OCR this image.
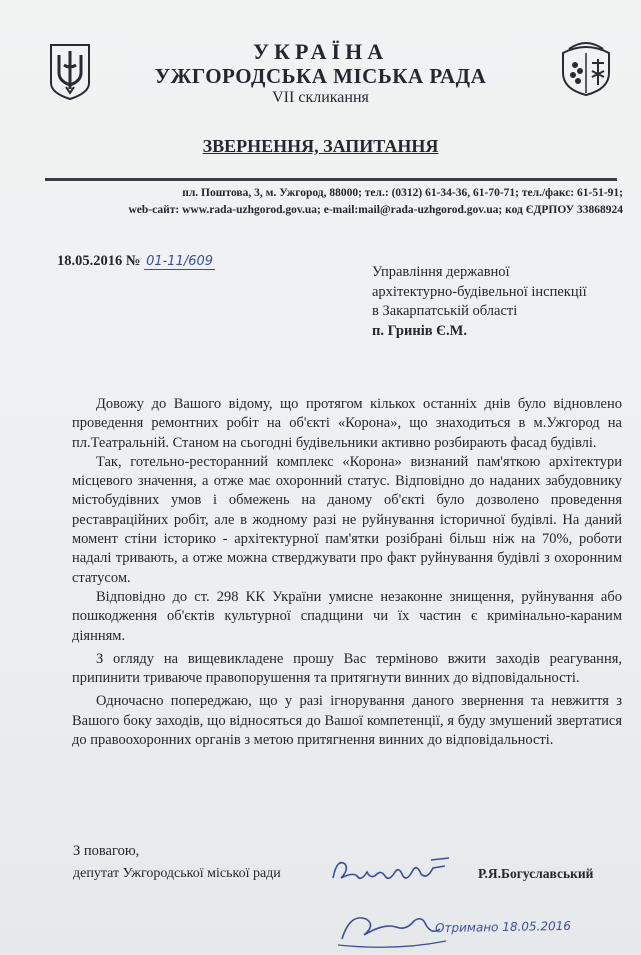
УКРАЇНА
УЖГОРОДСЬКА МІСЬКА РАДА
VII скликання
ЗВЕРНЕННЯ, ЗАПИТАННЯ
пл. Поштова, 3, м. Ужгород, 88000; тел.: (0312) 61-34-36, 61-70-71; тел./факс: 61-51-91;
web-сайт: www.rada-uzhgorod.gov.ua; e-mail:mail@rada-uzhgorod.gov.ua; код ЄДРПОУ 33868924
18.05.2016 № 01-11/609
Управління державної
архітектурно-будівельної інспекції
в Закарпатській області
п. Гринів Є.М.

Довожу до Вашого відому, що протягом кількох останніх днів було відновлено проведення ремонтних робіт на об'єкті «Корона», що знаходиться в м.Ужгород на пл.Театральній. Станом на сьогодні будівельники активно розбирають фасад будівлі.

Так, готельно-ресторанний комплекс «Корона» визнаний пам'яткою архітектури місцевого значення, а отже має охоронний статус. Відповідно до наданих забудовнику містобудівних умов і обмежень на даному об'єкті було дозволено проведення реставраційних робіт, але в жодному разі не руйнування історичної будівлі. На даний момент стіни історико - архітектурної пам'ятки розібрані більш ніж на 70%, роботи надалі тривають, а отже можна стверджувати про факт руйнування будівлі з охоронним статусом.

Відповідно до ст. 298 КК України умисне незаконне знищення, руйнування або пошкодження об'єктів культурної спадщини чи їх частин є кримінально-караним діянням.

З огляду на вищевикладене прошу Вас терміново вжити заходів реагування, припинити триваюче правопорушення та притягнути винних до відповідальності.

Одночасно попереджаю, що у разі ігнорування даного звернення та невжиття з Вашого боку заходів, що відносяться до Вашої компетенції, я буду змушений звертатися до правоохоронних органів з метою притягнення винних до відповідальності.

З повагою,
депутат Ужгородської міської ради	Р.Я.Богуславський
Отримано 18.05.2016
